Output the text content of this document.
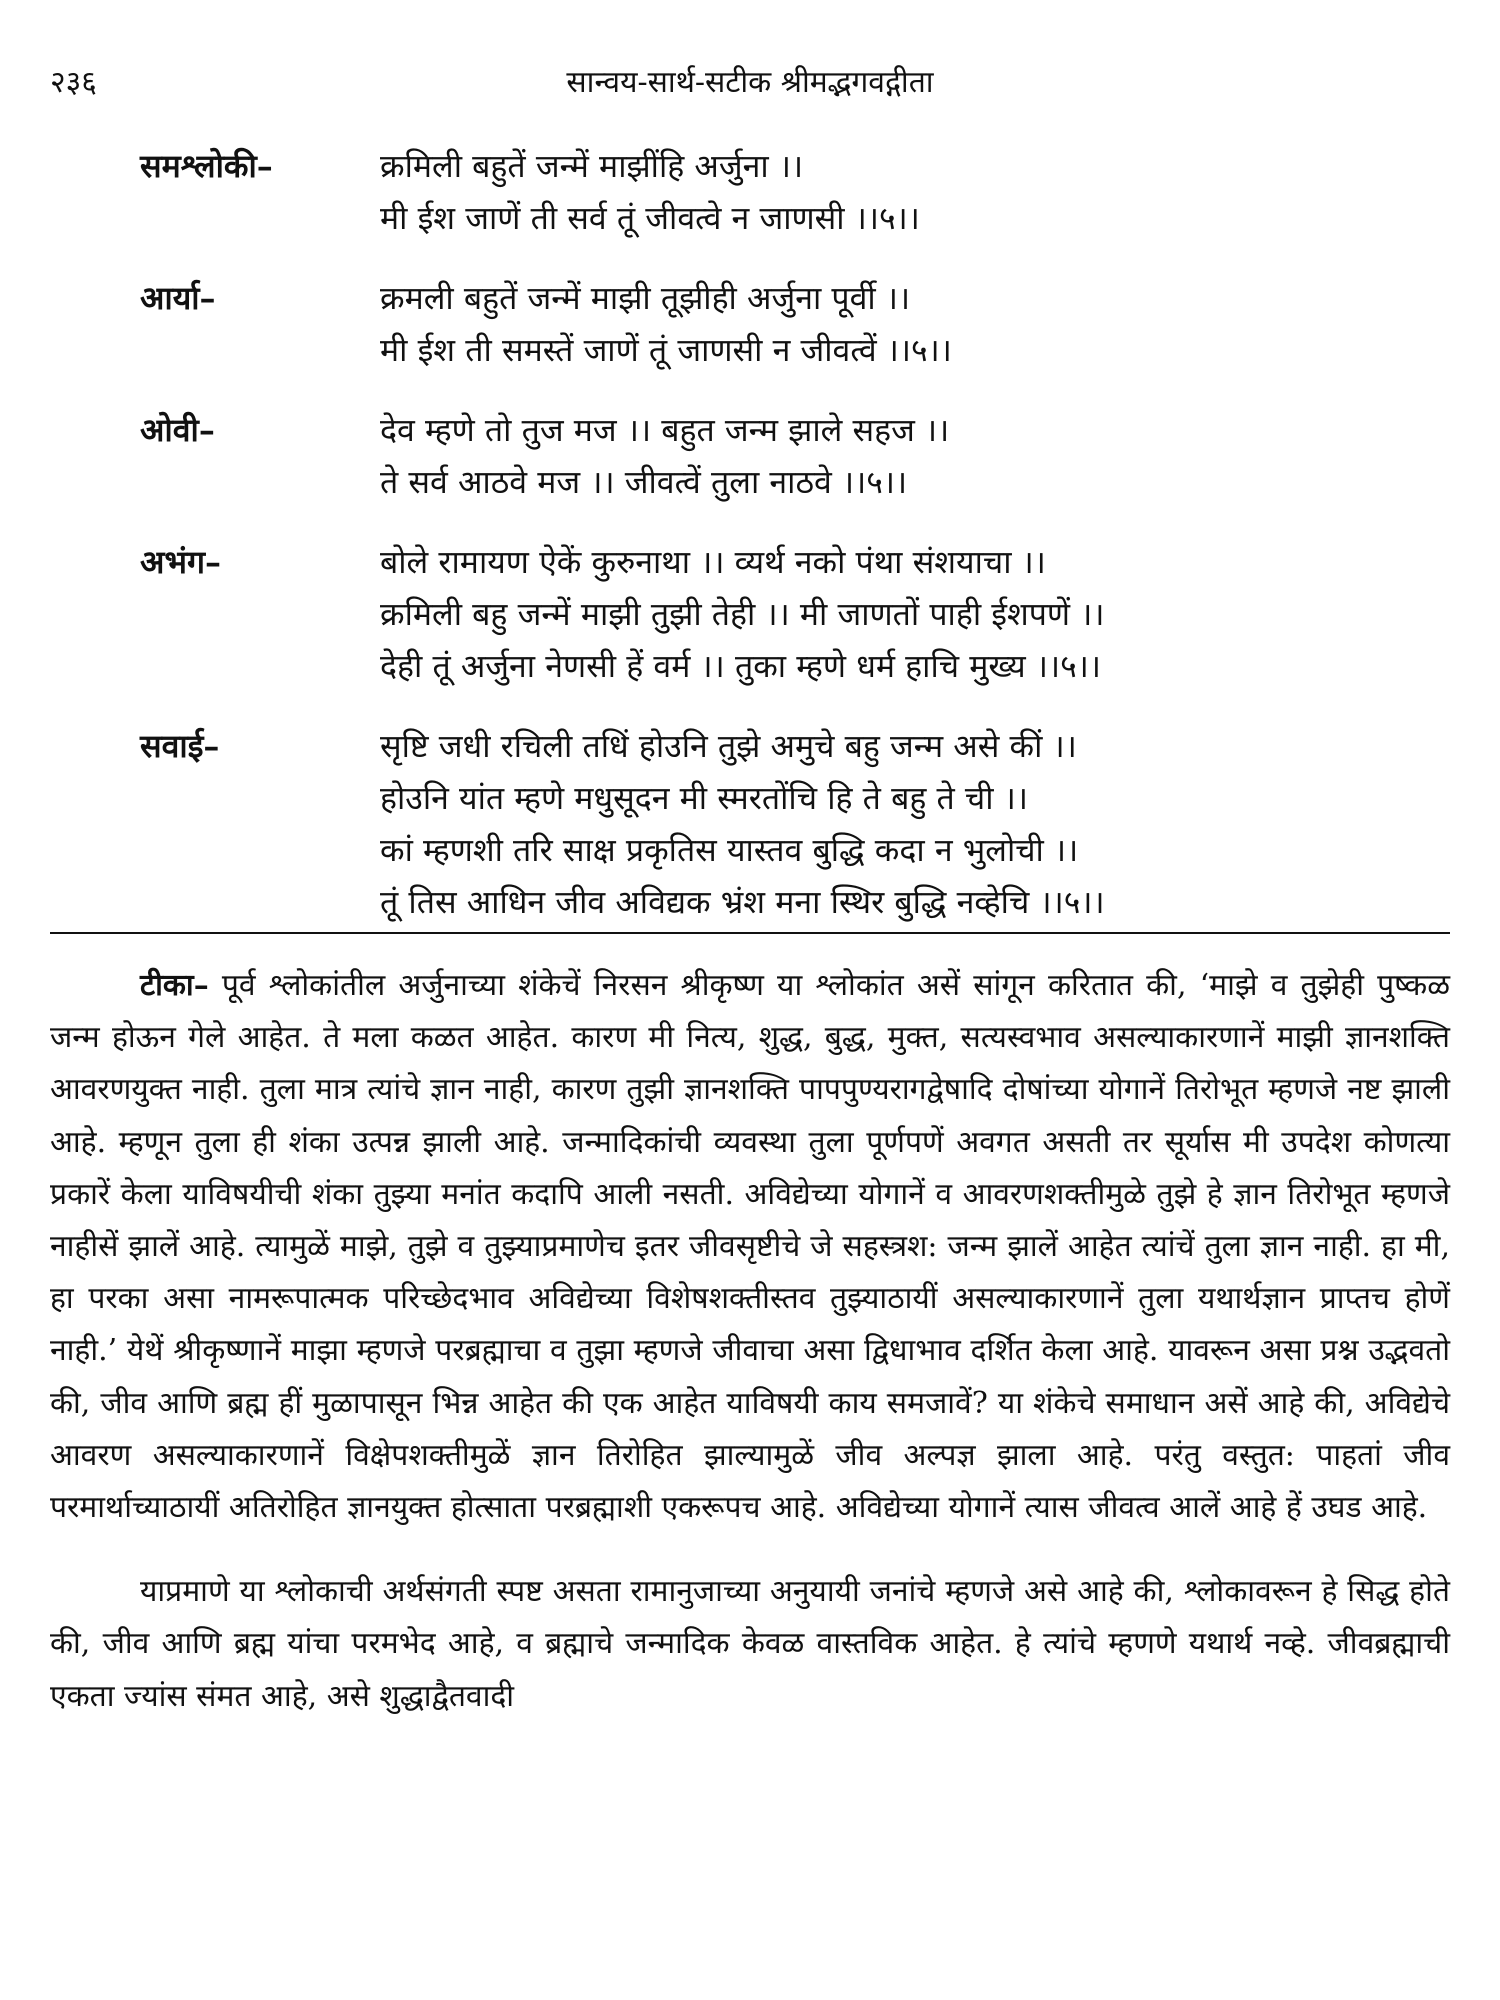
२३६	सान्वय-सार्थ-सटीक श्रीमद्भगवद्गीता
समश्लोकी–	क्रमिली बहुतें जन्में माझींहि अर्जुना ।।
मी ईश जाणें ती सर्व तूं जीवत्वे न जाणसी ।।५।।
आर्या–	क्रमली बहुतें जन्में माझी तूझीही अर्जुना पूर्वी ।।
मी ईश ती समस्तें जाणें तूं जाणसी न जीवत्वें ।।५।।
ओवी–	देव म्हणे तो तुज मज ।। बहुत जन्म झाले सहज ।।
ते सर्व आठवे मज ।। जीवत्वें तुला नाठवे ।।५।।
अभंग–	बोले रामायण ऐकें कुरुनाथा ।। व्यर्थ नको पंथा संशयाचा ।।
क्रमिली बहु जन्में माझी तुझी तेही ।। मी जाणतों पाही ईशपणें ।।
देही तूं अर्जुना नेणसी हें वर्म ।। तुका म्हणे धर्म हाचि मुख्य ।।५।।
सवाई–	सृष्टि जधी रचिली तधिं होउनि तुझे अमुचे बहु जन्म असे कीं ।।
होउनि यांत म्हणे मधुसूदन मी स्मरतोंचि हि ते बहु ते ची ।।
कां म्हणशी तरि साक्ष प्रकृतिस यास्तव बुद्धि कदा न भुलोची ।।
तूं तिस आधिन जीव अविद्यक भ्रंश मना स्थिर बुद्धि नव्हेचि ।।५।।

टीका– पूर्व श्लोकांतील अर्जुनाच्या शंकेचें निरसन श्रीकृष्ण या श्लोकांत असें सांगून करितात की, ‘माझे व तुझेही पुष्कळ जन्म होऊन गेले आहेत. ते मला कळत आहेत. कारण मी नित्य, शुद्ध, बुद्ध, मुक्त, सत्यस्वभाव असल्याकारणानें माझी ज्ञानशक्ति आवरणयुक्त नाही. तुला मात्र त्यांचे ज्ञान नाही, कारण तुझी ज्ञानशक्ति पापपुण्यरागद्वेषादि दोषांच्या योगानें तिरोभूत म्हणजे नष्ट झाली आहे. म्हणून तुला ही शंका उत्पन्न झाली आहे. जन्मादिकांची व्यवस्था तुला पूर्णपणें अवगत असती तर सूर्यास मी उपदेश कोणत्या प्रकारें केला याविषयीची शंका तुझ्या मनांत कदापि आली नसती. अविद्येच्या योगानें व आवरणशक्तीमुळे तुझे हे ज्ञान तिरोभूत म्हणजे नाहीसें झालें आहे. त्यामुळें माझे, तुझे व तुझ्याप्रमाणेच इतर जीवसृष्टीचे जे सहस्त्रश: जन्म झालें आहेत त्यांचें तुला ज्ञान नाही. हा मी, हा परका असा नामरूपात्मक परिच्छेदभाव अविद्येच्या विशेषशक्तीस्तव तुझ्याठायीं असल्याकारणानें तुला यथार्थज्ञान प्राप्तच होणें नाही.’ येथें श्रीकृष्णानें माझा म्हणजे परब्रह्माचा व तुझा म्हणजे जीवाचा असा द्विधाभाव दर्शित केला आहे. यावरून असा प्रश्न उद्भवतो की, जीव आणि ब्रह्म हीं मुळापासून भिन्न आहेत की एक आहेत याविषयी काय समजावें? या शंकेचे समाधान असें आहे की, अविद्येचे आवरण असल्याकारणानें विक्षेपशक्तीमुळें ज्ञान तिरोहित झाल्यामुळें जीव अल्पज्ञ झाला आहे. परंतु वस्तुत: पाहतां जीव परमार्थाच्याठायीं अतिरोहित ज्ञानयुक्त होत्साता परब्रह्माशी एकरूपच आहे. अविद्येच्या योगानें त्यास जीवत्व आलें आहे हें उघड आहे.

याप्रमाणे या श्लोकाची अर्थसंगती स्पष्ट असता रामानुजाच्या अनुयायी जनांचे म्हणजे असे आहे की, श्लोकावरून हे सिद्ध होते की, जीव आणि ब्रह्म यांचा परमभेद आहे, व ब्रह्माचे जन्मादिक केवळ वास्तविक आहेत. हे त्यांचे म्हणणे यथार्थ नव्हे. जीवब्रह्माची एकता ज्यांस संमत आहे, असे शुद्धाद्वैतवादी
